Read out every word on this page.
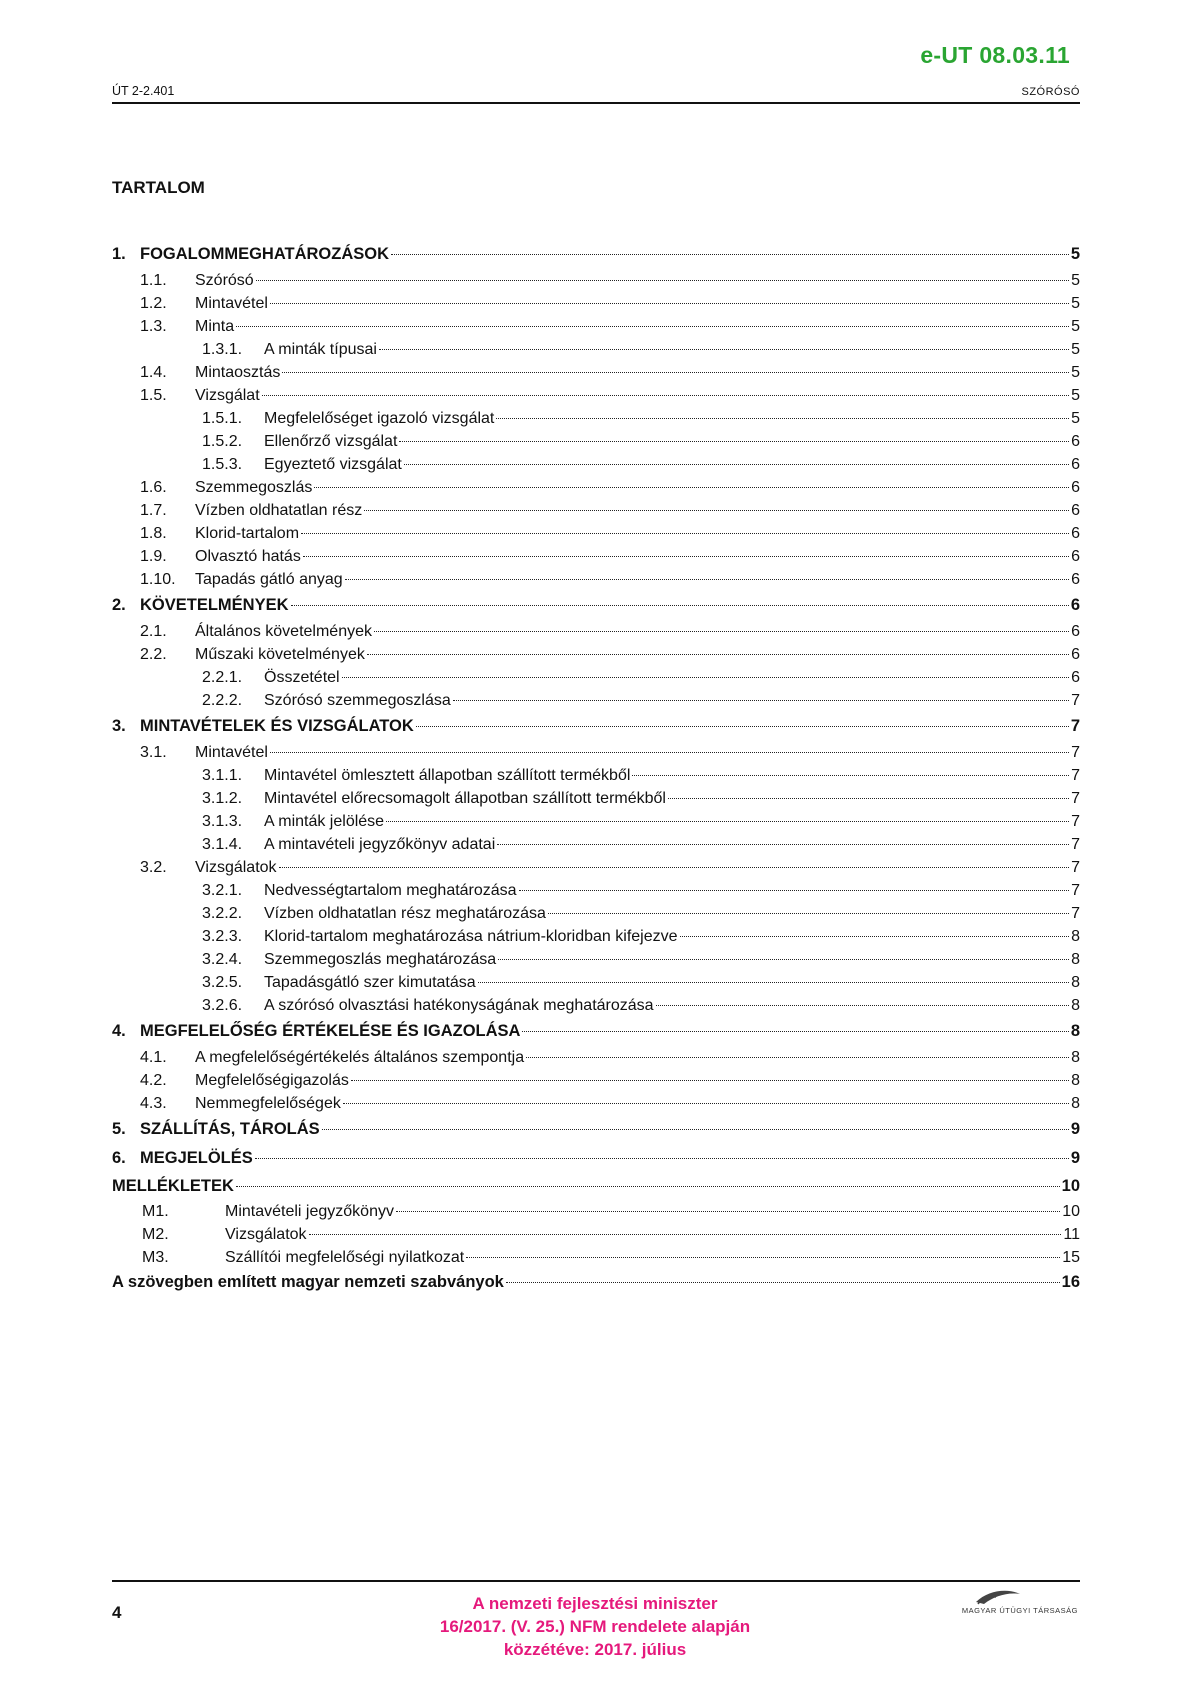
e-UT 08.03.11
ÚT 2-2.401	SZÓRÓSÓ
TARTALOM
1. FOGALOMMEGHATÁROZÁSOK	5
1.1.	Szórósó	5
1.2.	Mintavétel	5
1.3.	Minta	5
1.3.1.	A minták típusai	5
1.4.	Mintaosztás	5
1.5.	Vizsgálat	5
1.5.1.	Megfelelőséget igazoló vizsgálat	5
1.5.2.	Ellenőrző vizsgálat	6
1.5.3.	Egyeztető vizsgálat	6
1.6.	Szemmegoszlás	6
1.7.	Vízben oldhatatlan rész	6
1.8.	Klorid-tartalom	6
1.9.	Olvasztó hatás	6
1.10.	Tapadás gátló anyag	6
2. KÖVETELMÉNYEK	6
2.1.	Általános követelmények	6
2.2.	Műszaki követelmények	6
2.2.1.	Összetétel	6
2.2.2.	Szórósó szemmegoszlása	7
3. MINTAVÉTELEK ÉS VIZSGÁLATOK	7
3.1.	Mintavétel	7
3.1.1.	Mintavétel ömlesztett állapotban szállított termékből	7
3.1.2.	Mintavétel előrecsomagolt állapotban szállított termékből	7
3.1.3.	A minták jelölése	7
3.1.4.	A mintavételi jegyzőkönyv adatai	7
3.2.	Vizsgálatok	7
3.2.1.	Nedvességtartalom meghatározása	7
3.2.2.	Vízben oldhatatlan rész meghatározása	7
3.2.3.	Klorid-tartalom meghatározása nátrium-kloridban kifejezve	8
3.2.4.	Szemmegoszlás meghatározása	8
3.2.5.	Tapadásgátló szer kimutatása	8
3.2.6.	A szórósó olvasztási hatékonyságának meghatározása	8
4. MEGFELELŐSÉG ÉRTÉKELÉSE ÉS IGAZOLÁSA	8
4.1.	A megfelelőségértékelés általános szempontja	8
4.2.	Megfelelőségigazolás	8
4.3.	Nemmegfelelőségek	8
5. SZÁLLÍTÁS, TÁROLÁS	9
6. MEGJELÖLÉS	9
MELLÉKLETEK	10
M1.	Mintavételi jegyzőkönyv	10
M2.	Vizsgálatok	11
M3.	Szállítói megfelelőségi nyilatkozat	15
A szövegben említett magyar nemzeti szabványok	16
4	A nemzeti fejlesztési miniszter
16/2017. (V. 25.) NFM rendelete alapján
közzétéve: 2017. július
MAGYAR ÚTÜGYI TÁRSASÁG
